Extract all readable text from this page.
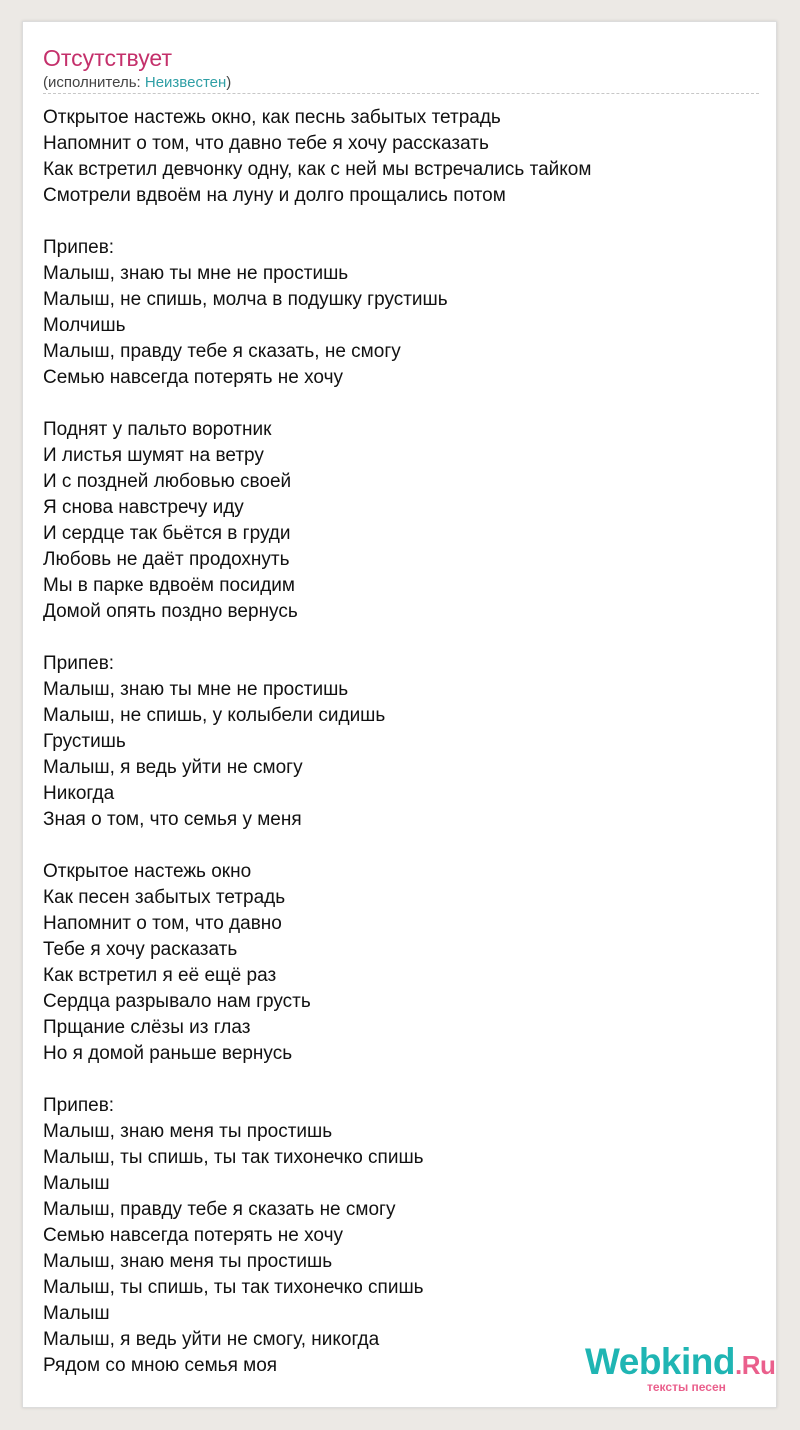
Отсутствует
(исполнитель: Неизвестен)
Открытое настежь окно, как песнь забытых тетрадь
Напомнит о том, что давно тебе я хочу рассказать
Как встретил девчонку одну, как с ней мы встречались тайком
Смотрели вдвоём на луну и долго прощались потом
Припев:
Малыш, знаю ты мне не простишь
Малыш, не спишь, молча в подушку грустишь
Молчишь
Малыш, правду тебе я сказать, не смогу
Семью навсегда потерять не хочу
Поднят у пальто воротник
И листья шумят на ветру
И с поздней любовью своей
Я снова навстречу иду
И сердце так бьётся в груди
Любовь не даёт продохнуть
Мы в парке вдвоём посидим
Домой опять поздно вернусь
Припев:
Малыш, знаю ты мне не простишь
Малыш, не спишь, у колыбели сидишь
Грустишь
Малыш, я ведь уйти не смогу
Никогда
Зная о том, что семья у меня
Открытое настежь окно
Как песен забытых тетрадь
Напомнит о том, что давно
Тебе я хочу расказать
Как встретил я её ещё раз
Сердца разрывало нам грусть
Прщание слёзы из глаз
Но я домой раньше вернусь
Припев:
Малыш, знаю меня ты простишь
Малыш, ты спишь, ты так тихонечко спишь
Малыш
Малыш, правду тебе я сказать не смогу
Семью навсегда потерять не хочу
Малыш, знаю меня ты простишь
Малыш, ты спишь, ты так тихонечко спишь
Малыш
Малыш, я ведь уйти не смогу, никогда
Рядом со мною семья моя	Webkind.Ru
тексты песен
